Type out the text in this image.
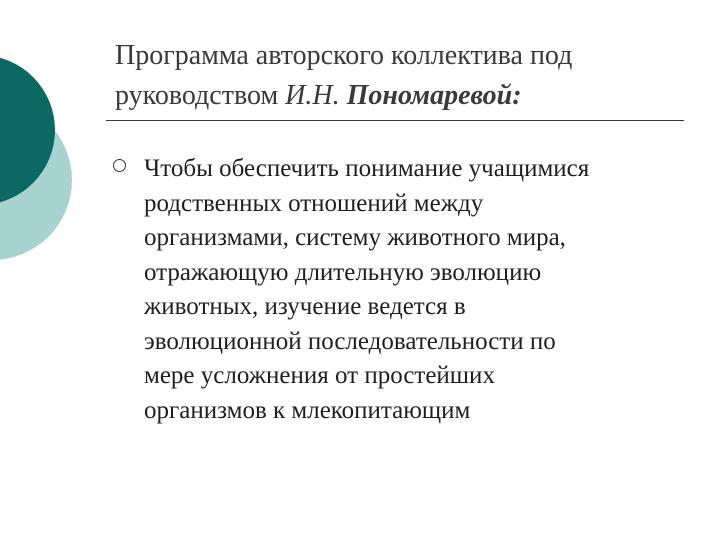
Программа авторского коллектива под
руководством И.Н. Пономаревой:

Чтобы обеспечить понимание учащимися
родственных отношений между
организмами, систему животного мира,
отражающую длительную эволюцию
животных, изучение ведется в
эволюционной последовательности по
мере усложнения от простейших
организмов к млекопитающим
